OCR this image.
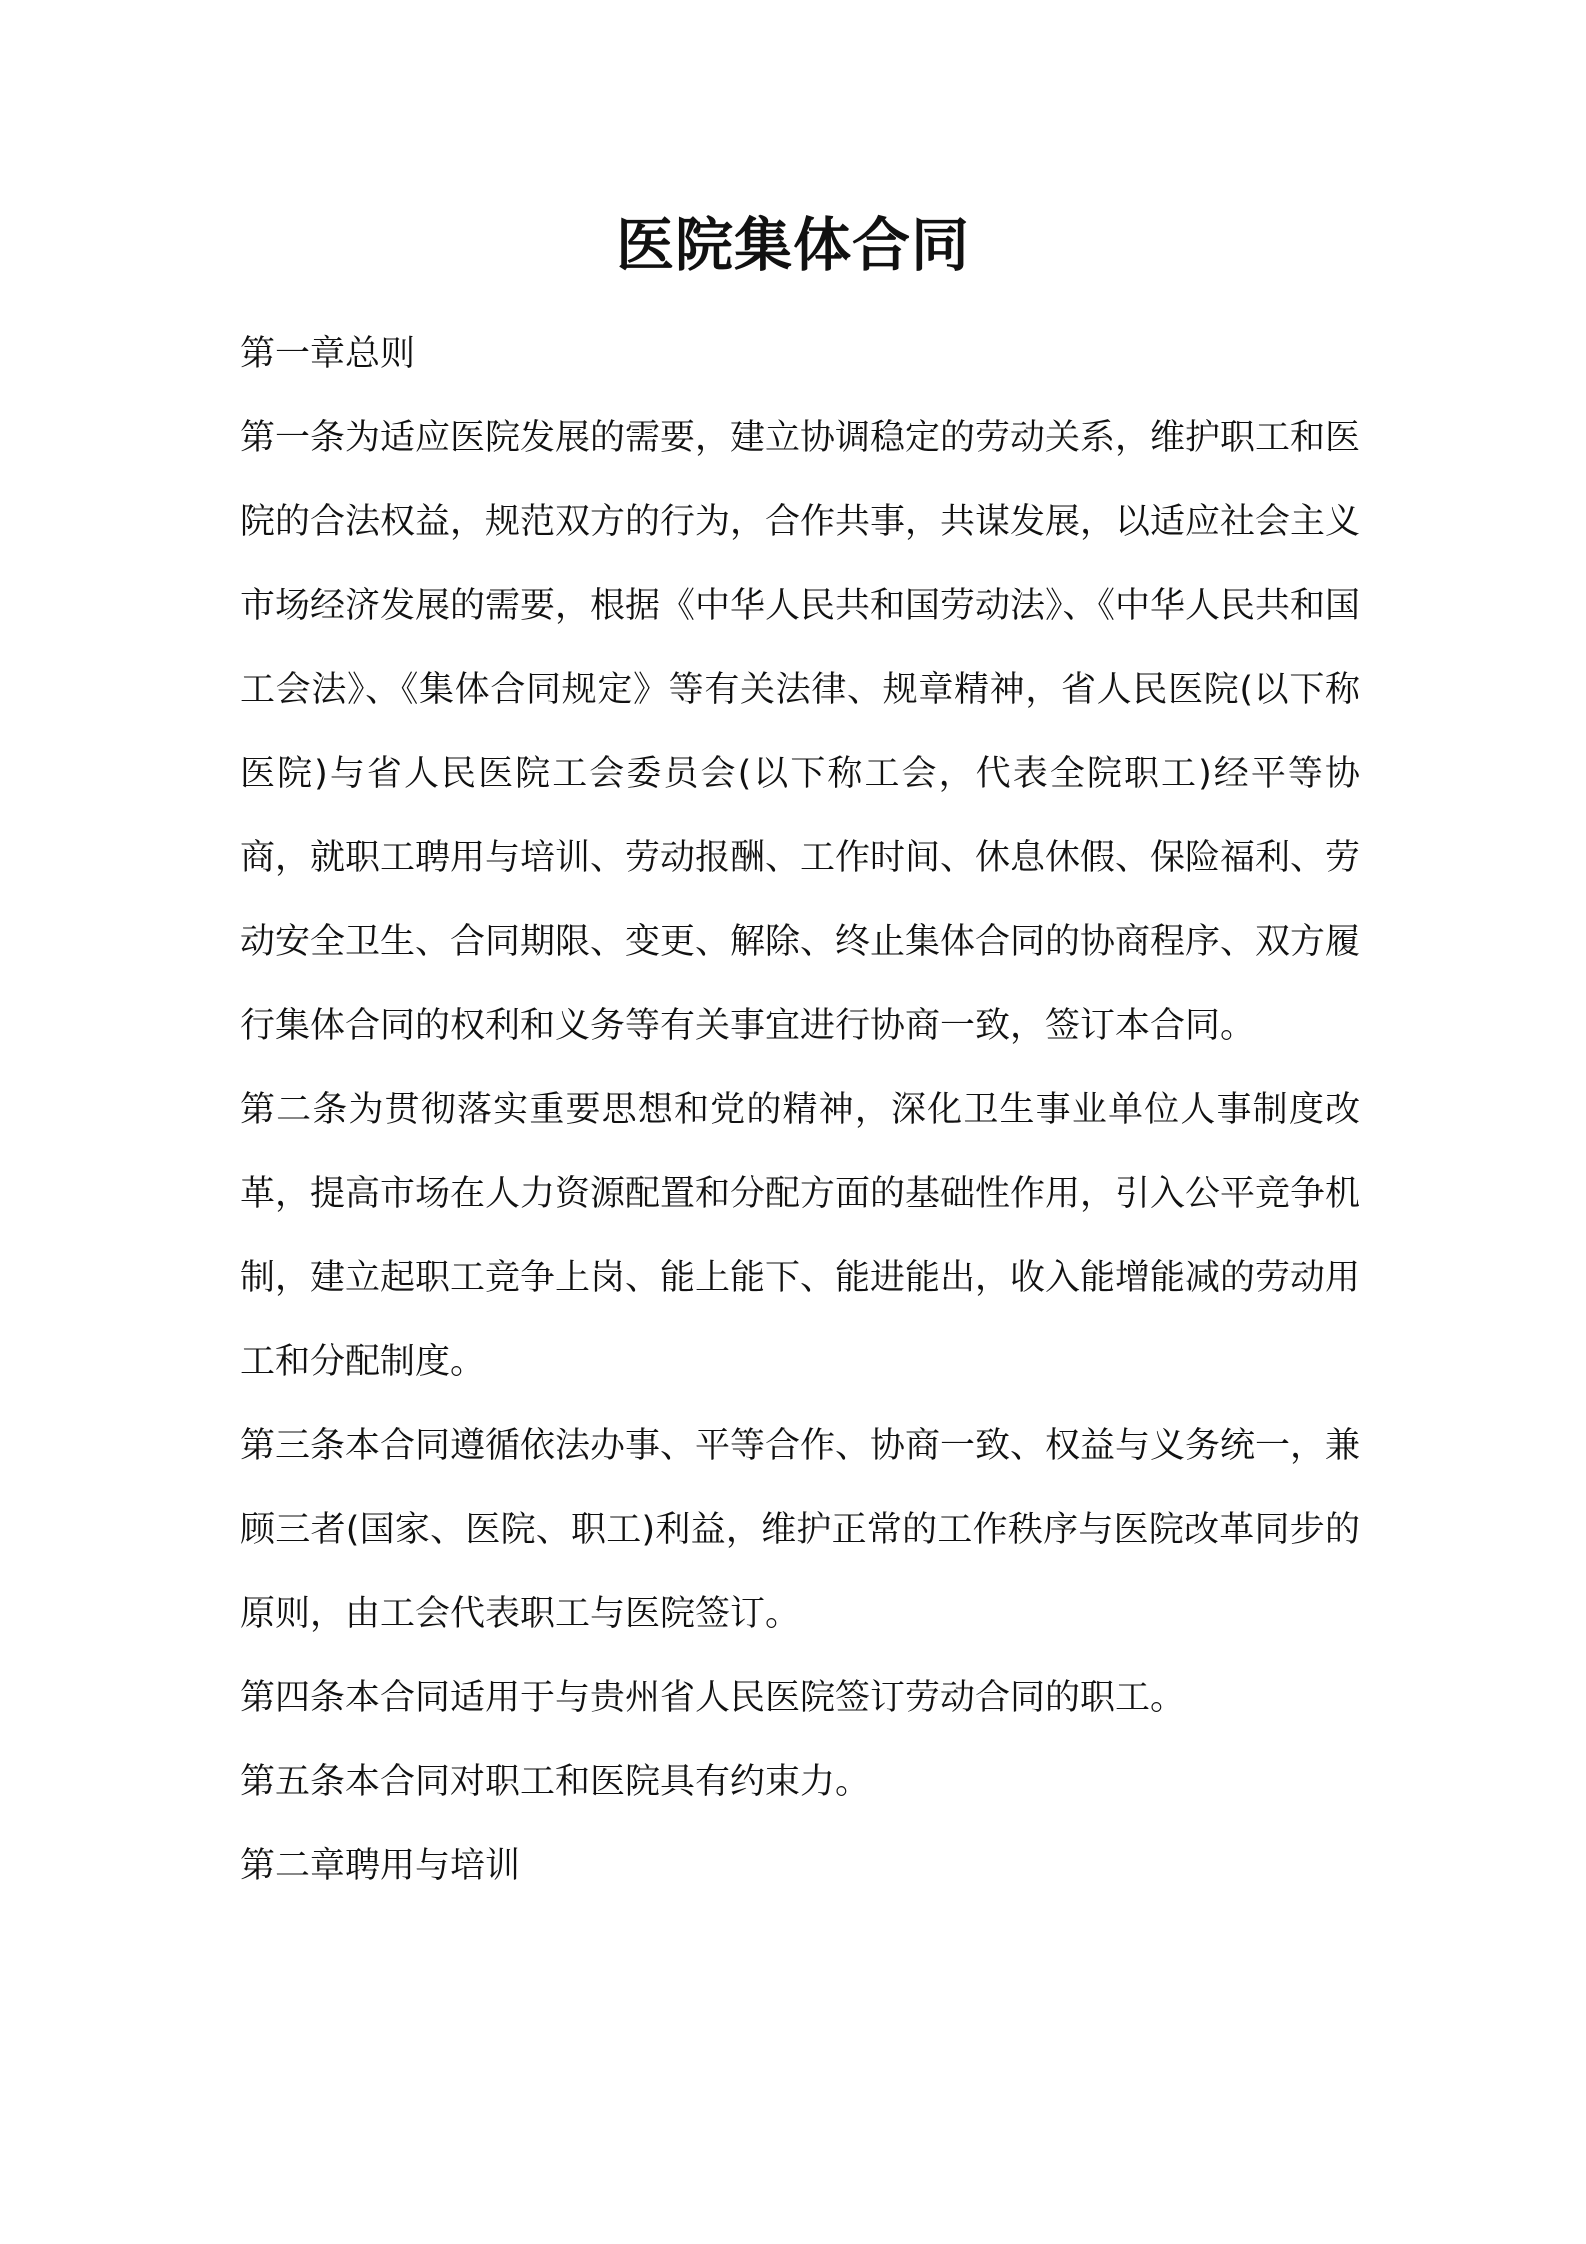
医院集体合同

第一章总则

第一条为适应医院发展的需要，建立协调稳定的劳动关系，维护职工和医院的合法权益，规范双方的行为，合作共事，共谋发展，以适应社会主义市场经济发展的需要，根据《中华人民共和国劳动法》、《中华人民共和国工会法》、《集体合同规定》等有关法律、规章精神，省人民医院(以下称医院)与省人民医院工会委员会(以下称工会，代表全院职工)经平等协商，就职工聘用与培训、劳动报酬、工作时间、休息休假、保险福利、劳动安全卫生、合同期限、变更、解除、终止集体合同的协商程序、双方履行集体合同的权利和义务等有关事宜进行协商一致，签订本合同。

第二条为贯彻落实重要思想和党的精神，深化卫生事业单位人事制度改革，提高市场在人力资源配置和分配方面的基础性作用，引入公平竞争机制，建立起职工竞争上岗、能上能下、能进能出，收入能增能减的劳动用工和分配制度。

第三条本合同遵循依法办事、平等合作、协商一致、权益与义务统一，兼顾三者(国家、医院、职工)利益，维护正常的工作秩序与医院改革同步的原则，由工会代表职工与医院签订。

第四条本合同适用于与贵州省人民医院签订劳动合同的职工。

第五条本合同对职工和医院具有约束力。

第二章聘用与培训
